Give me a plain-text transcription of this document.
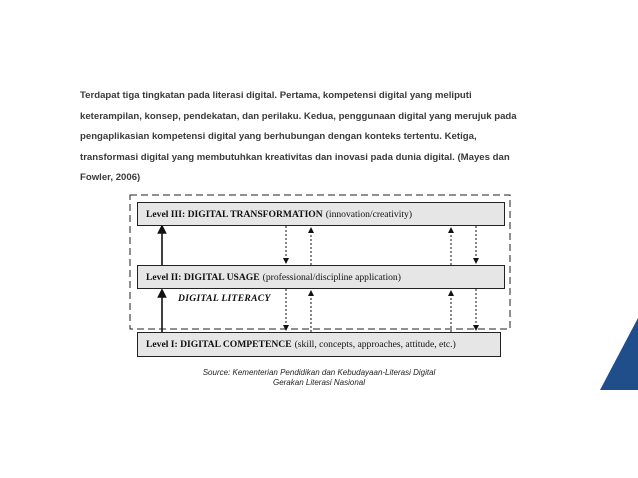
Terdapat tiga tingkatan pada literasi digital. Pertama, kompetensi digital yang meliputi
keterampilan, konsep, pendekatan, dan perilaku. Kedua, penggunaan digital yang merujuk pada
pengaplikasian kompetensi digital yang berhubungan dengan konteks tertentu. Ketiga,
transformasi digital yang membutuhkan kreativitas dan inovasi pada dunia digital. (Mayes dan
Fowler, 2006)
Level III: DIGITAL TRANSFORMATION (innovation/creativity)
Level II: DIGITAL USAGE (professional/discipline application)
DIGITAL LITERACY
Level I: DIGITAL COMPETENCE (skill, concepts, approaches, attitude, etc.)
Source: Kementerian Pendidikan dan Kebudayaan-Literasi Digital
Gerakan Literasi Nasional
